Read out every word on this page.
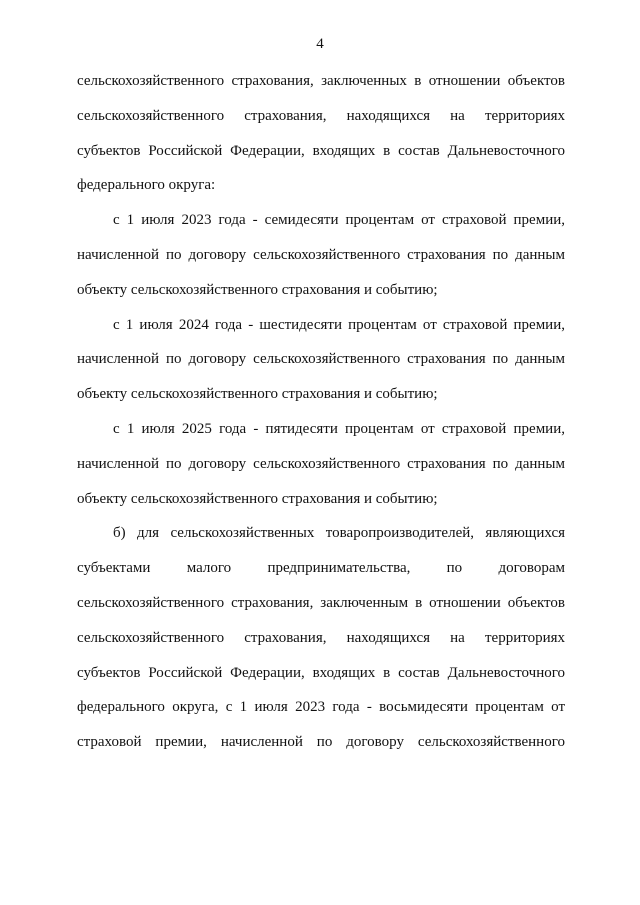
4
сельскохозяйственного страхования, заключенных в отношении объектов
сельскохозяйственного страхования, находящихся на территориях
субъектов Российской Федерации, входящих в состав Дальневосточного
федерального округа:
с 1 июля 2023 года - семидесяти процентам от страховой премии,
начисленной по договору сельскохозяйственного страхования по данным
объекту сельскохозяйственного страхования и событию;
с 1 июля 2024 года - шестидесяти процентам от страховой премии,
начисленной по договору сельскохозяйственного страхования по данным
объекту сельскохозяйственного страхования и событию;
с 1 июля 2025 года - пятидесяти процентам от страховой премии,
начисленной по договору сельскохозяйственного страхования по данным
объекту сельскохозяйственного страхования и событию;
б) для сельскохозяйственных товаропроизводителей, являющихся
субъектами малого предпринимательства, по договорам
сельскохозяйственного страхования, заключенным в отношении объектов
сельскохозяйственного страхования, находящихся на территориях
субъектов Российской Федерации, входящих в состав Дальневосточного
федерального округа, с 1 июля 2023 года - восьмидесяти процентам от
страховой премии, начисленной по договору сельскохозяйственного
